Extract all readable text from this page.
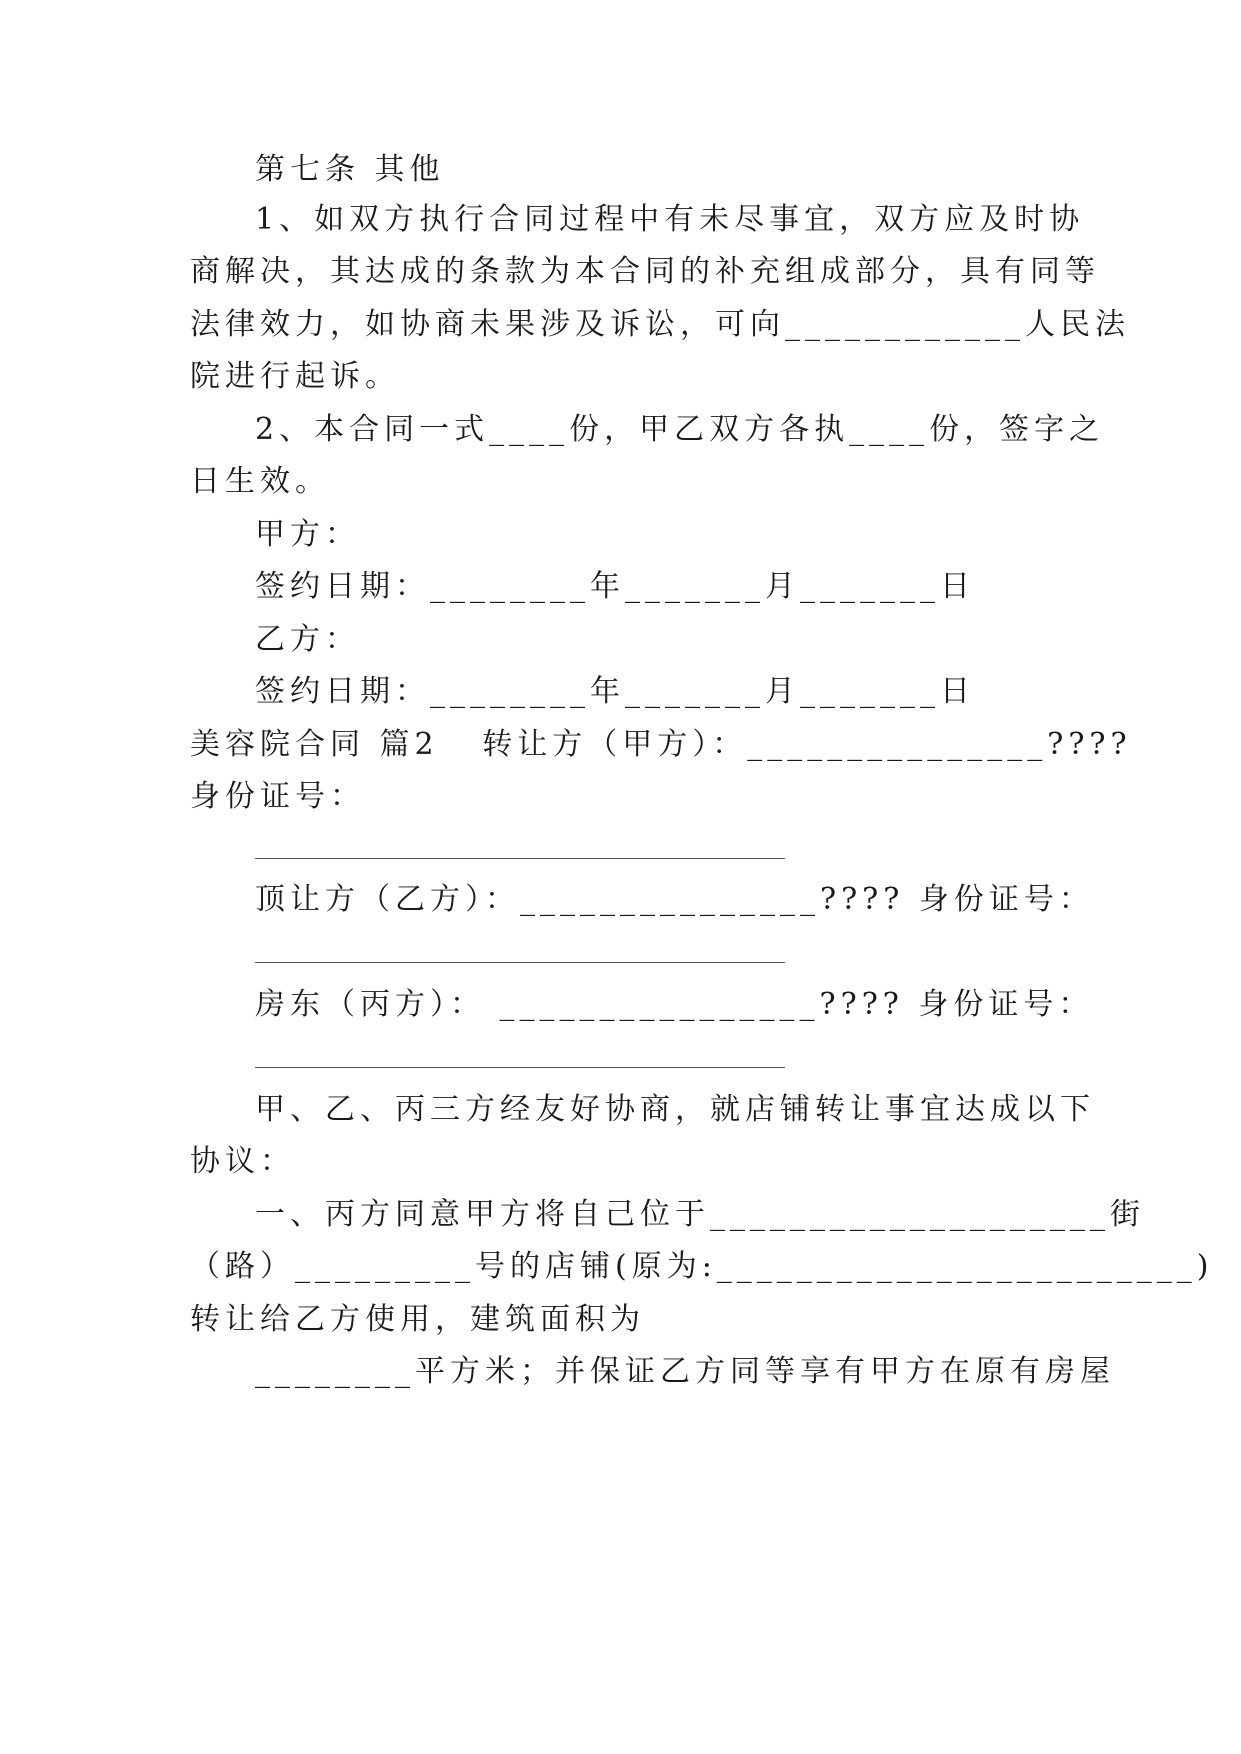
第七条 其他
1、如双方执行合同过程中有未尽事宜，双方应及时协
商解决，其达成的条款为本合同的补充组成部分，具有同等
法律效力，如协商未果涉及诉讼，可向____________人民法
院进行起诉。
2、本合同一式____份，甲乙双方各执____份，签字之
日生效。
甲方：
签约日期：________年_______月_______日
乙方：
签约日期：________年_______月_______日
美容院合同 篇2   转让方（甲方）：_______________????
身份证号：
顶让方（乙方）：_______________???? 身份证号：
房东（丙方）： ________________???? 身份证号：
甲、乙、丙三方经友好协商，就店铺转让事宜达成以下
协议：
一、丙方同意甲方将自己位于____________________街
（路）_________号的店铺(原为:________________________)
转让给乙方使用，建筑面积为
________平方米；并保证乙方同等享有甲方在原有房屋
